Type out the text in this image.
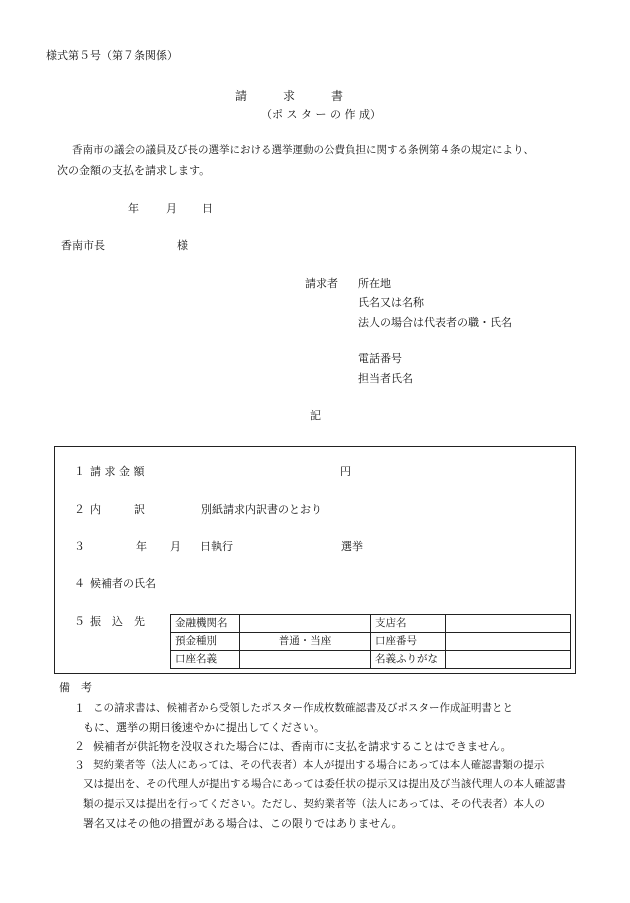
様式第５号（第７条関係）
請　　　求　　　書
（ポ ス タ ー の 作 成）
香南市の議会の議員及び長の選挙における選挙運動の公費負担に関する条例第４条の規定により、
次の金額の支払を請求します。
年 月 日
香南市長	様
請求者 所在地
氏名又は名称
法人の場合は代表者の職・氏名
電話番号
担当者氏名
記
１ 請 求 金 額	円
２ 内　　　訳	別紙請求内訳書のとおり
３	年 月 日執行	選挙
４ 候補者の氏名
５ 振　込　先	金融機関名		支店名	
預金種別	普通・当座	口座番号	
口座名義		名義ふりがな	
備　考
１ この請求書は、候補者から受領したポスター作成枚数確認書及びポスター作成証明書とと
もに、選挙の期日後速やかに提出してください。
２ 候補者が供託物を没収された場合には、香南市に支払を請求することはできません。
３ 契約業者等（法人にあっては、その代表者）本人が提出する場合にあっては本人確認書類の提示
又は提出を、その代理人が提出する場合にあっては委任状の提示又は提出及び当該代理人の本人確認書
類の提示又は提出を行ってください。ただし、契約業者等（法人にあっては、その代表者）本人の
署名又はその他の措置がある場合は、この限りではありません。
